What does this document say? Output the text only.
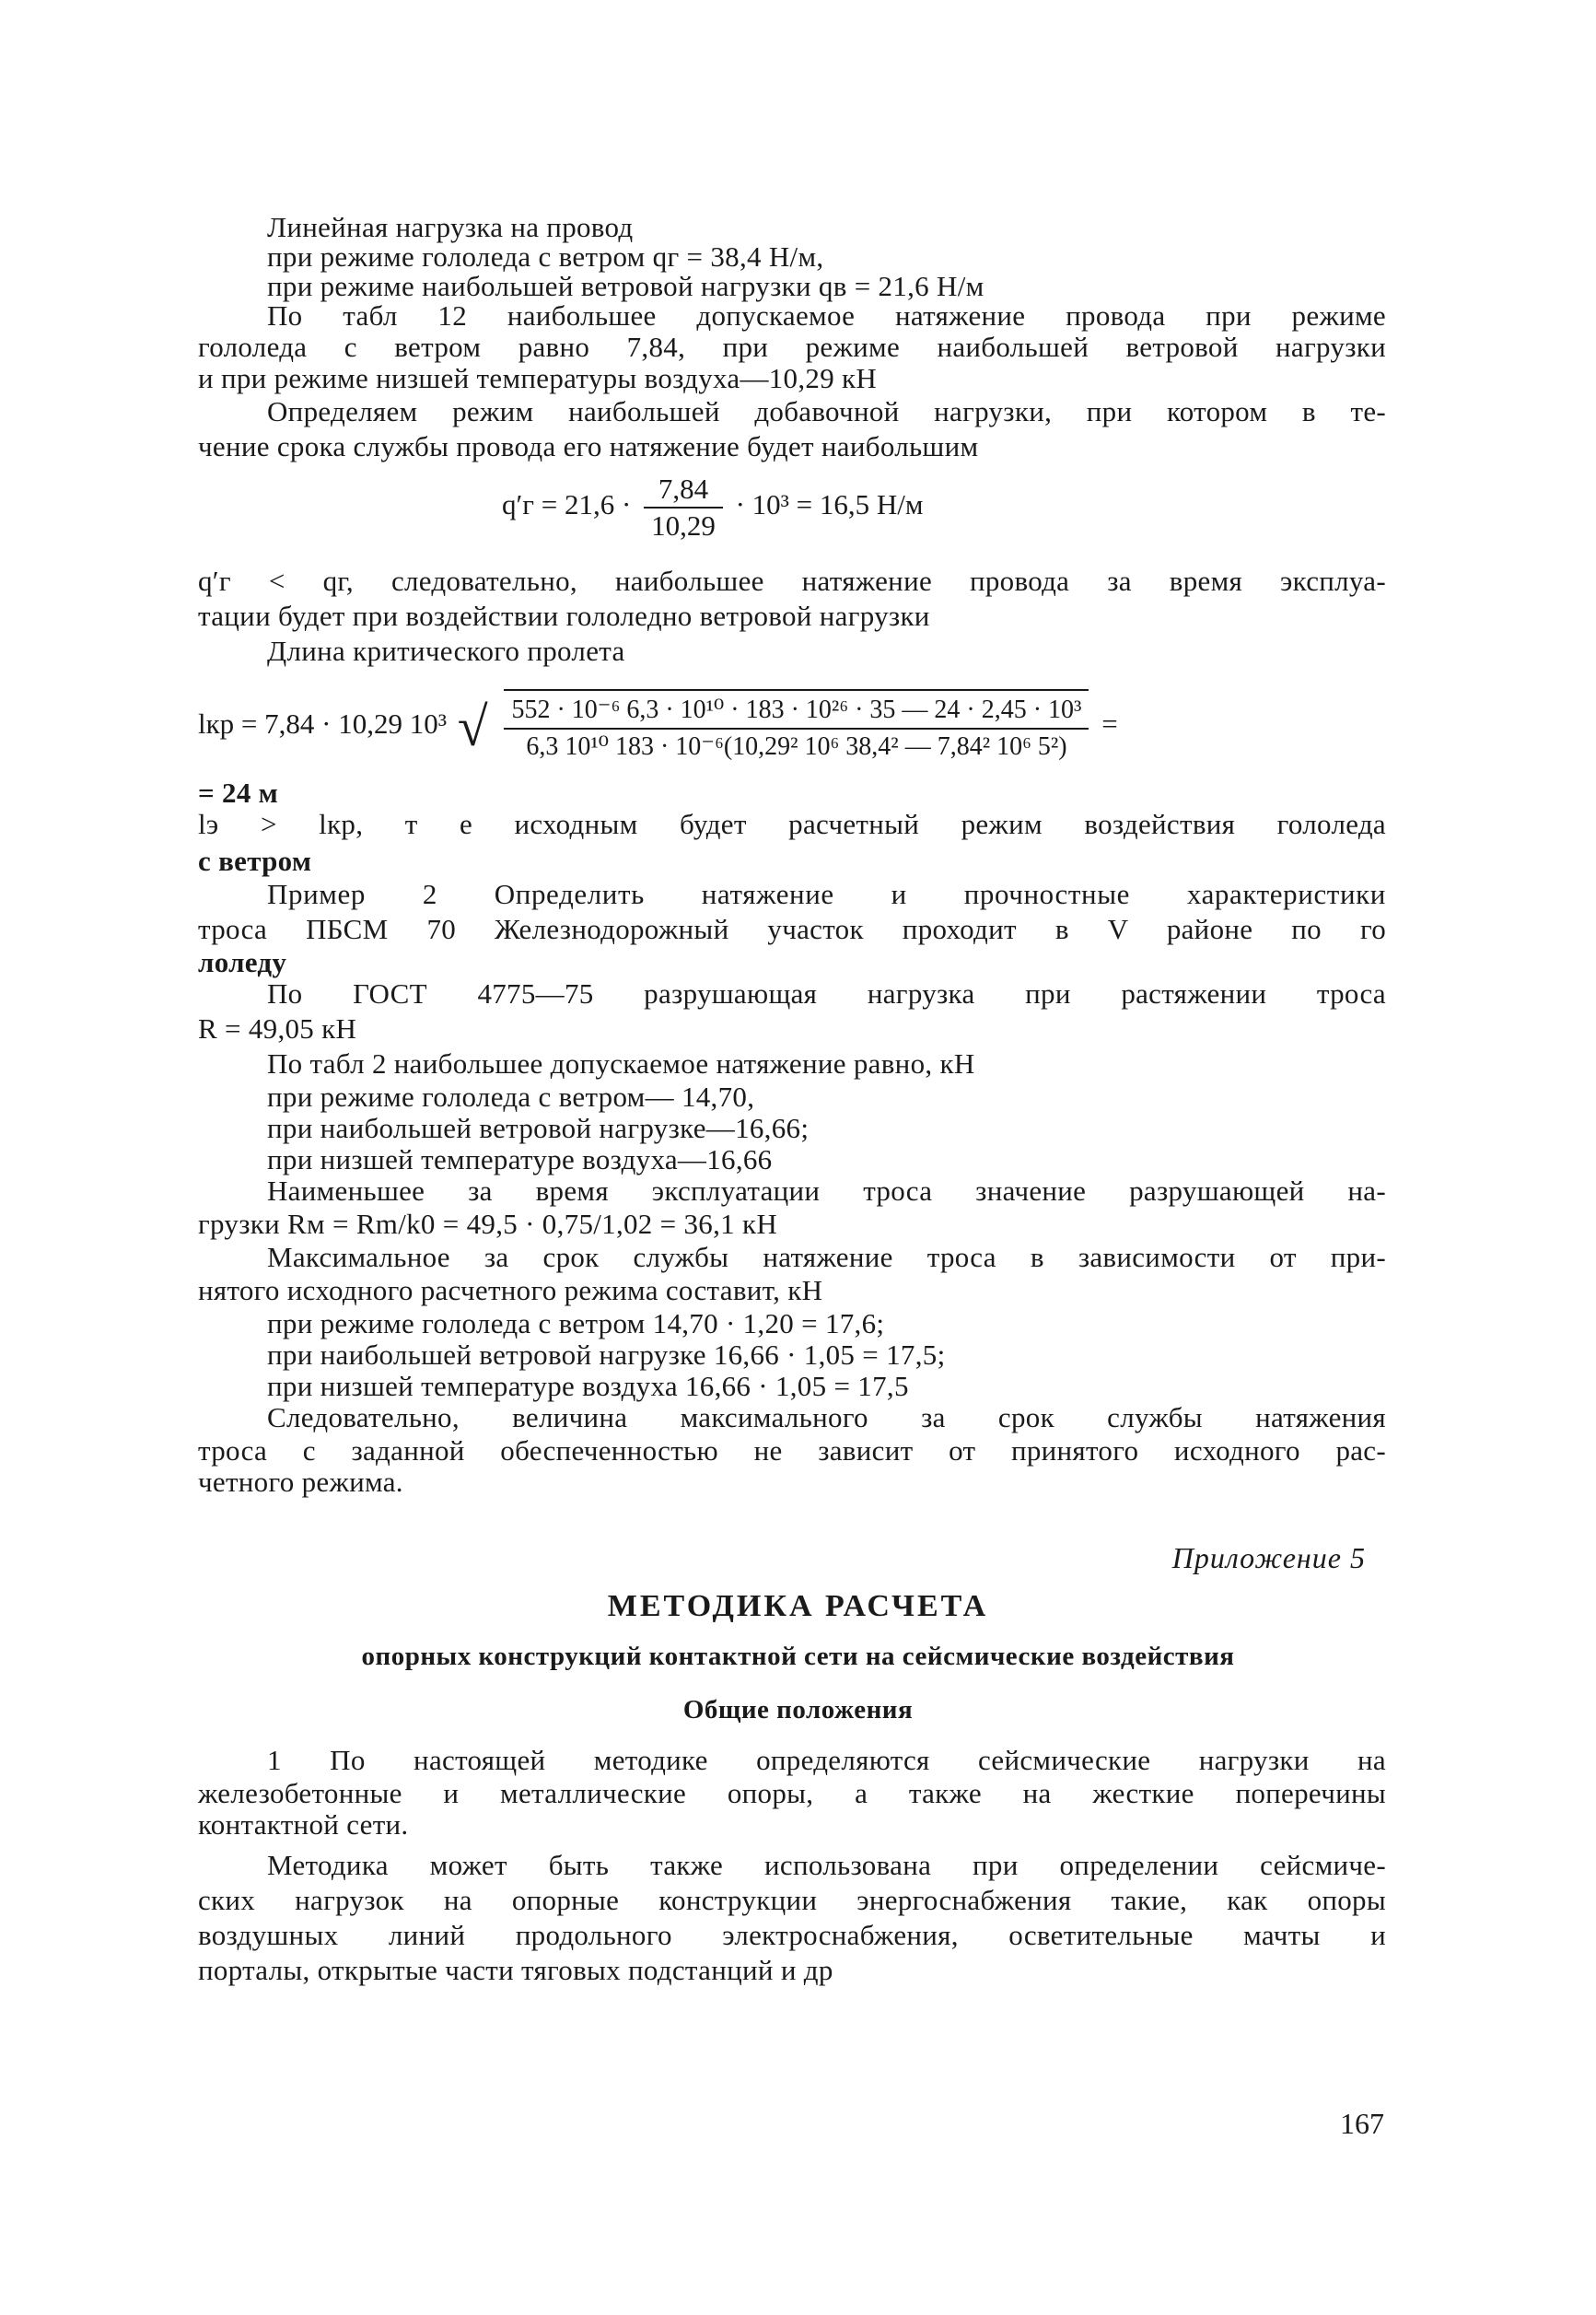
Линейная нагрузка на провод
при режиме гололеда с ветром qг = 38,4 Н/м,
при режиме наибольшей ветровой нагрузки qв = 21,6 Н/м
По табл 12 наибольшее допускаемое натяжение провода при режиме
гололеда с ветром равно 7,84, при режиме наибольшей ветровой нагрузки
и при режиме низшей температуры воздуха—10,29 кН
Определяем режим наибольшей добавочной нагрузки, при котором в те-
чение срока службы провода его натяжение будет наибольшим
$q'г = 21,6 \cdot \frac{7,84}{10,29} \cdot 10^3 = 16,5$ Н/м
q′г < qг, следовательно, наибольшее натяжение провода за время эксплуа-
тации будет при воздействии гололедно ветровой нагрузки
Длина критического пролета
lкр = 7,84 · 10,29 10³ √ $\frac{\text{552 · 10⁻⁶ 6,3 · 10¹⁰ · 183 · 10²⁶ · 35 — 24 · 2,45 · 10³}}{\text{6,3 10¹⁰ 183 · 10⁻⁶(10,29² 10⁶ 38,4² — 7,84² 10⁶ 5²)}}$ =
= 24 м
lэ > lкр, т е исходным будет расчетный режим воздействия гололеда
с ветром
Пример 2 Определить натяжение и прочностные характеристики
троса ПБСМ 70 Железнодорожный участок проходит в V районе по го
лоледу
По ГОСТ 4775—75 разрушающая нагрузка при растяжении троса
R = 49,05 кН
По табл 2 наибольшее допускаемое натяжение равно, кН
при режиме гололеда с ветром— 14,70,
при наибольшей ветровой нагрузке—16,66;
при низшей температуре воздуха—16,66
Наименьшее за время эксплуатации троса значение разрушающей на-
грузки Rм = Rm/k0 = 49,5 · 0,75/1,02 = 36,1 кН
Максимальное за срок службы натяжение троса в зависимости от при-
нятого исходного расчетного режима составит, кН
при режиме гололеда с ветром 14,70 · 1,20 = 17,6;
при наибольшей ветровой нагрузке 16,66 · 1,05 = 17,5;
при низшей температуре воздуха 16,66 · 1,05 = 17,5
Следовательно, величина максимального за срок службы натяжения
троса с заданной обеспеченностью не зависит от принятого исходного рас-
четного режима.
Приложение 5
МЕТОДИКА РАСЧЕТА
опорных конструкций контактной сети на сейсмические воздействия
Общие положения
1 По настоящей методике определяются сейсмические нагрузки на
железобетонные и металлические опоры, а также на жесткие поперечины
контактной сети.
Методика может быть также использована при определении сейсмиче-
ских нагрузок на опорные конструкции энергоснабжения такие, как опоры
воздушных линий продольного электроснабжения, осветительные мачты и
порталы, открытые части тяговых подстанций и др
167
